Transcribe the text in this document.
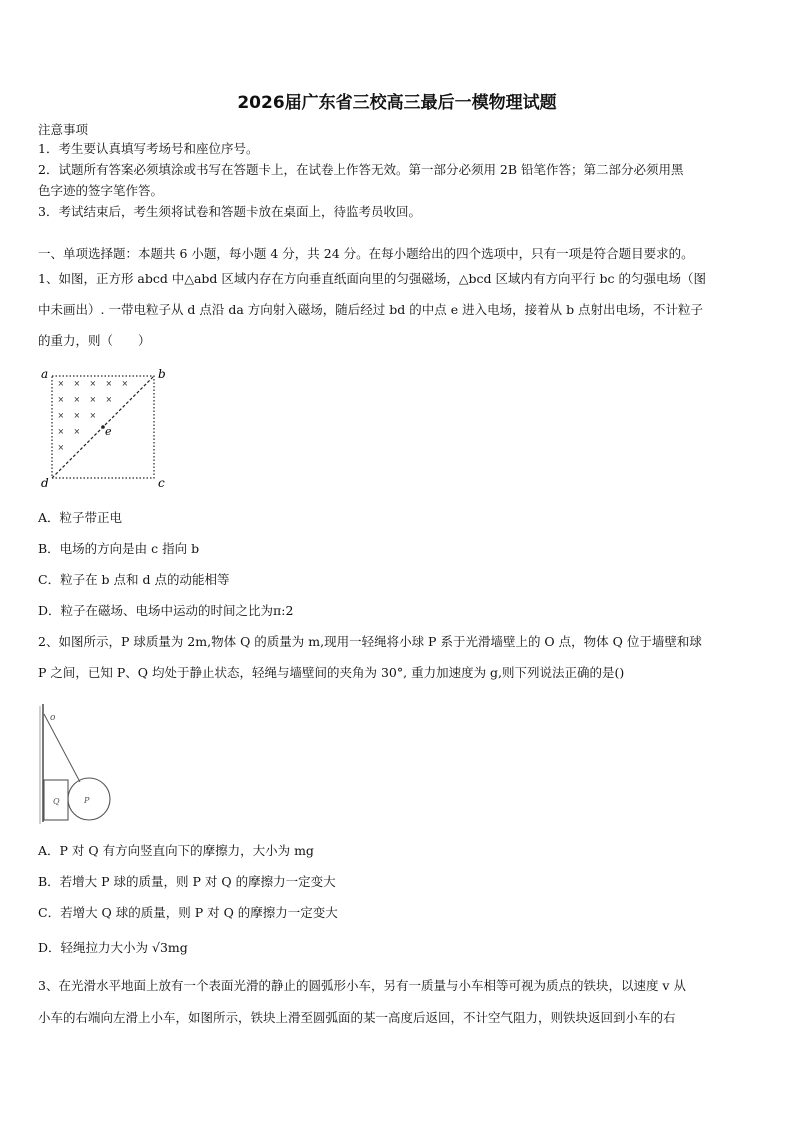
2026届广东省三校高三最后一模物理试题
注意事项
1．考生要认真填写考场号和座位序号。
2．试题所有答案必须填涂或书写在答题卡上，在试卷上作答无效。第一部分必须用 2B 铅笔作答；第二部分必须用黑
色字迹的签字笔作答。
3．考试结束后，考生须将试卷和答题卡放在桌面上，待监考员收回。
一、单项选择题：本题共 6 小题，每小题 4 分，共 24 分。在每小题给出的四个选项中，只有一项是符合题目要求的。
1、如图，正方形 abcd 中△abd 区域内存在方向垂直纸面向里的匀强磁场，△bcd 区域内有方向平行 bc 的匀强电场（图
中未画出）. 一带电粒子从 d 点沿 da 方向射入磁场，随后经过 bd 的中点 e 进入电场，接着从 b 点射出电场，不计粒子
的重力，则（　　）
× × × × ×
× × × ×
× × ×
× ×
×
a	b
c
d
e
A．粒子带正电
B．电场的方向是由 c 指向 b
C．粒子在 b 点和 d 点的动能相等
D．粒子在磁场、电场中运动的时间之比为π:2
2、如图所示，P 球质量为 2m,物体 Q 的质量为 m,现用一轻绳将小球 P 系于光滑墙壁上的 O 点，物体 Q 位于墙壁和球
P 之间，已知 P、Q 均处于静止状态，轻绳与墙壁间的夹角为 30°, 重力加速度为 g,则下列说法正确的是()
o
Q	P
A．P 对 Q 有方向竖直向下的摩擦力，大小为 mg
B．若增大 P 球的质量，则 P 对 Q 的摩擦力一定变大
C．若增大 Q 球的质量，则 P 对 Q 的摩擦力一定变大
D．轻绳拉力大小为 √3mg
3、在光滑水平地面上放有一个表面光滑的静止的圆弧形小车，另有一质量与小车相等可视为质点的铁块，以速度 v 从
小车的右端向左滑上小车，如图所示，铁块上滑至圆弧面的某一高度后返回，不计空气阻力，则铁块返回到小车的右
